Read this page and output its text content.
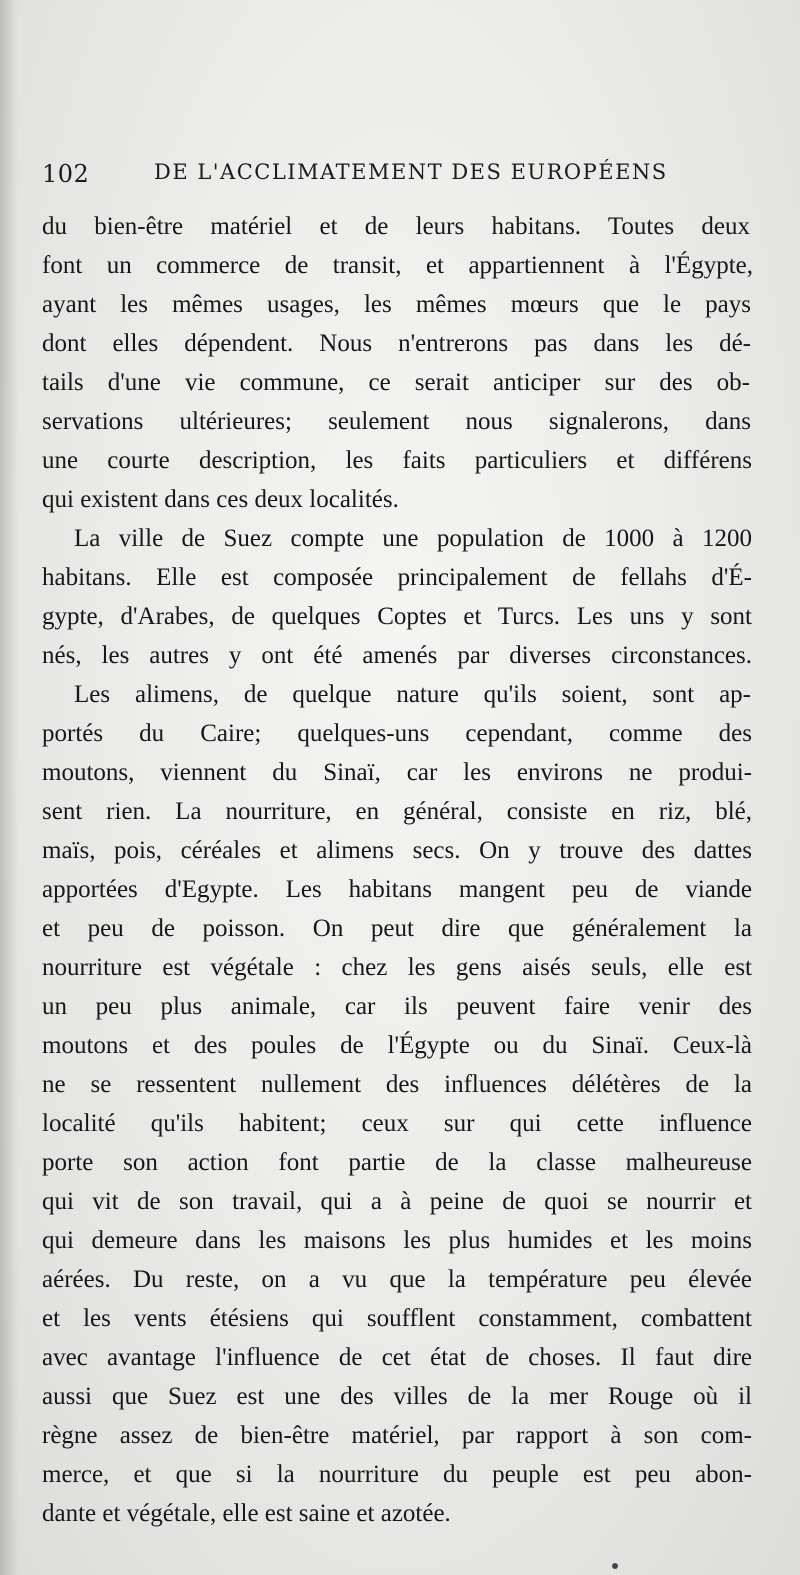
102	DE L'ACCLIMATEMENT DES EUROPÉENS
du bien-être matériel et de leurs habitans. Toutes deux
font un commerce de transit, et appartiennent à l'Égypte,
ayant les mêmes usages, les mêmes mœurs que le pays
dont elles dépendent. Nous n'entrerons pas dans les dé-
tails d'une vie commune, ce serait anticiper sur des ob-
servations ultérieures; seulement nous signalerons, dans
une courte description, les faits particuliers et différens
qui existent dans ces deux localités.
La ville de Suez compte une population de 1000 à 1200
habitans. Elle est composée principalement de fellahs d'É-
gypte, d'Arabes, de quelques Coptes et Turcs. Les uns y sont
nés, les autres y ont été amenés par diverses circonstances.
Les alimens, de quelque nature qu'ils soient, sont ap-
portés du Caire; quelques-uns cependant, comme des
moutons, viennent du Sinaï, car les environs ne produi-
sent rien. La nourriture, en général, consiste en riz, blé,
maïs, pois, céréales et alimens secs. On y trouve des dattes
apportées d'Egypte. Les habitans mangent peu de viande
et peu de poisson. On peut dire que généralement la
nourriture est végétale : chez les gens aisés seuls, elle est
un peu plus animale, car ils peuvent faire venir des
moutons et des poules de l'Égypte ou du Sinaï. Ceux-là
ne se ressentent nullement des influences délétères de la
localité qu'ils habitent; ceux sur qui cette influence
porte son action font partie de la classe malheureuse
qui vit de son travail, qui a à peine de quoi se nourrir et
qui demeure dans les maisons les plus humides et les moins
aérées. Du reste, on a vu que la température peu élevée
et les vents étésiens qui soufflent constamment, combattent
avec avantage l'influence de cet état de choses. Il faut dire
aussi que Suez est une des villes de la mer Rouge où il
règne assez de bien-être matériel, par rapport à son com-
merce, et que si la nourriture du peuple est peu abon-
dante et végétale, elle est saine et azotée.
